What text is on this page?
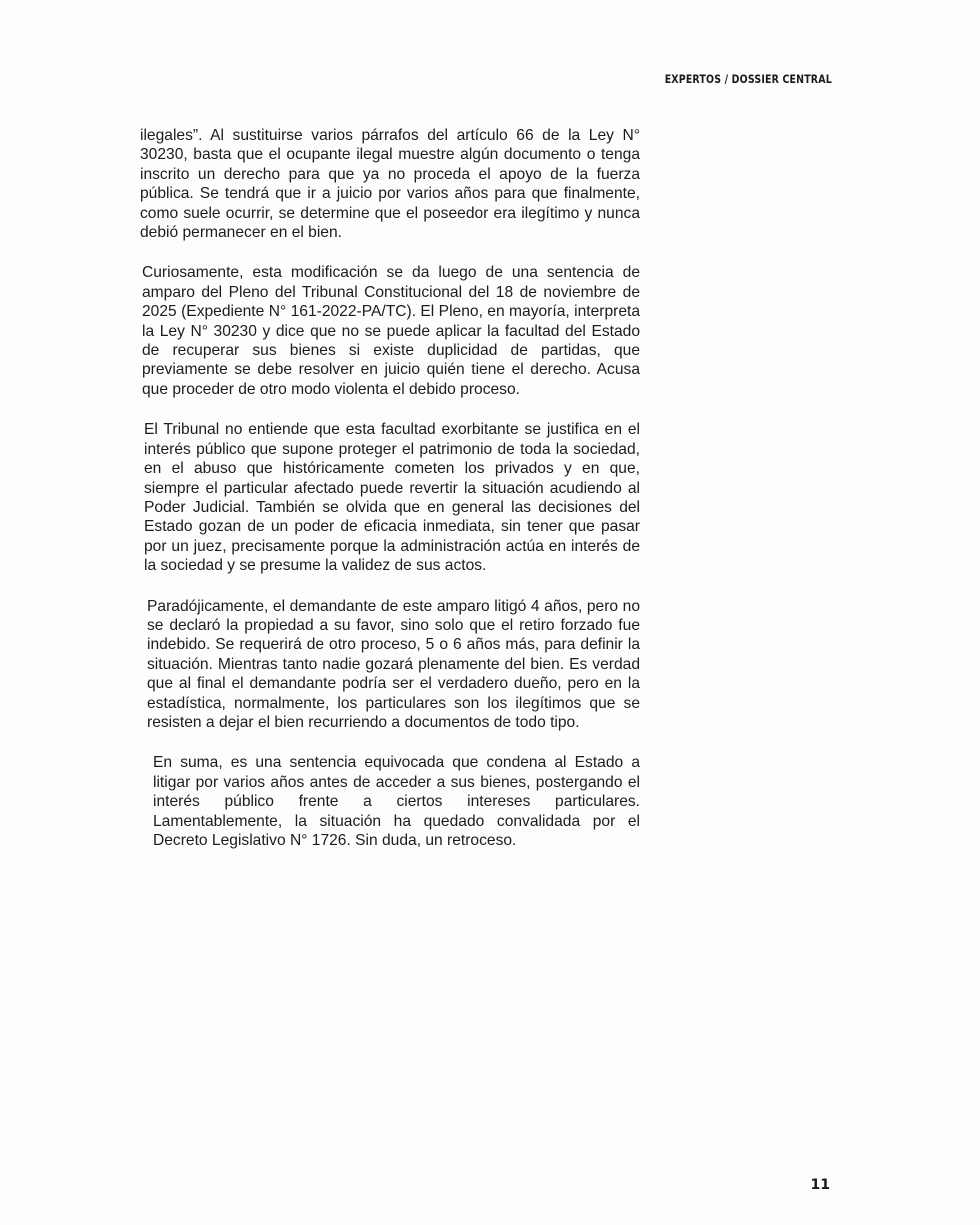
EXPERTOS / DOSSIER CENTRAL

ilegales”. Al sustituirse varios párrafos del artículo 66 de la Ley N° 30230, basta que el ocupante ilegal muestre algún documento o tenga inscrito un derecho para que ya no proceda el apoyo de la fuerza pública. Se tendrá que ir a juicio por varios años para que finalmente, como suele ocurrir, se determine que el poseedor era ilegítimo y nunca debió permanecer en el bien.

Curiosamente, esta modificación se da luego de una sentencia de amparo del Pleno del Tribunal Constitucional del 18 de noviembre de 2025 (Expediente N° 161-2022-PA/TC). El Pleno, en mayoría, interpreta la Ley N° 30230 y dice que no se puede aplicar la facultad del Estado de recuperar sus bienes si existe duplicidad de partidas, que previamente se debe resolver en juicio quién tiene el derecho. Acusa que proceder de otro modo violenta el debido proceso.

El Tribunal no entiende que esta facultad exorbitante se justifica en el interés público que supone proteger el patrimonio de toda la sociedad, en el abuso que históricamente cometen los privados y en que, siempre el particular afectado puede revertir la situación acudiendo al Poder Judicial. También se olvida que en general las decisiones del Estado gozan de un poder de eficacia inmediata, sin tener que pasar por un juez, precisamente porque la administración actúa en interés de la sociedad y se presume la validez de sus actos.

Paradójicamente, el demandante de este amparo litigó 4 años, pero no se declaró la propiedad a su favor, sino solo que el retiro forzado fue indebido. Se requerirá de otro proceso, 5 o 6 años más, para definir la situación. Mientras tanto nadie gozará plenamente del bien. Es verdad que al final el demandante podría ser el verdadero dueño, pero en la estadística, normalmente, los particulares son los ilegítimos que se resisten a dejar el bien recurriendo a documentos de todo tipo.

En suma, es una sentencia equivocada que condena al Estado a litigar por varios años antes de acceder a sus bienes, postergando el interés público frente a ciertos intereses particulares. Lamentablemente, la situación ha quedado convalidada por el Decreto Legislativo N° 1726. Sin duda, un retroceso.

11
